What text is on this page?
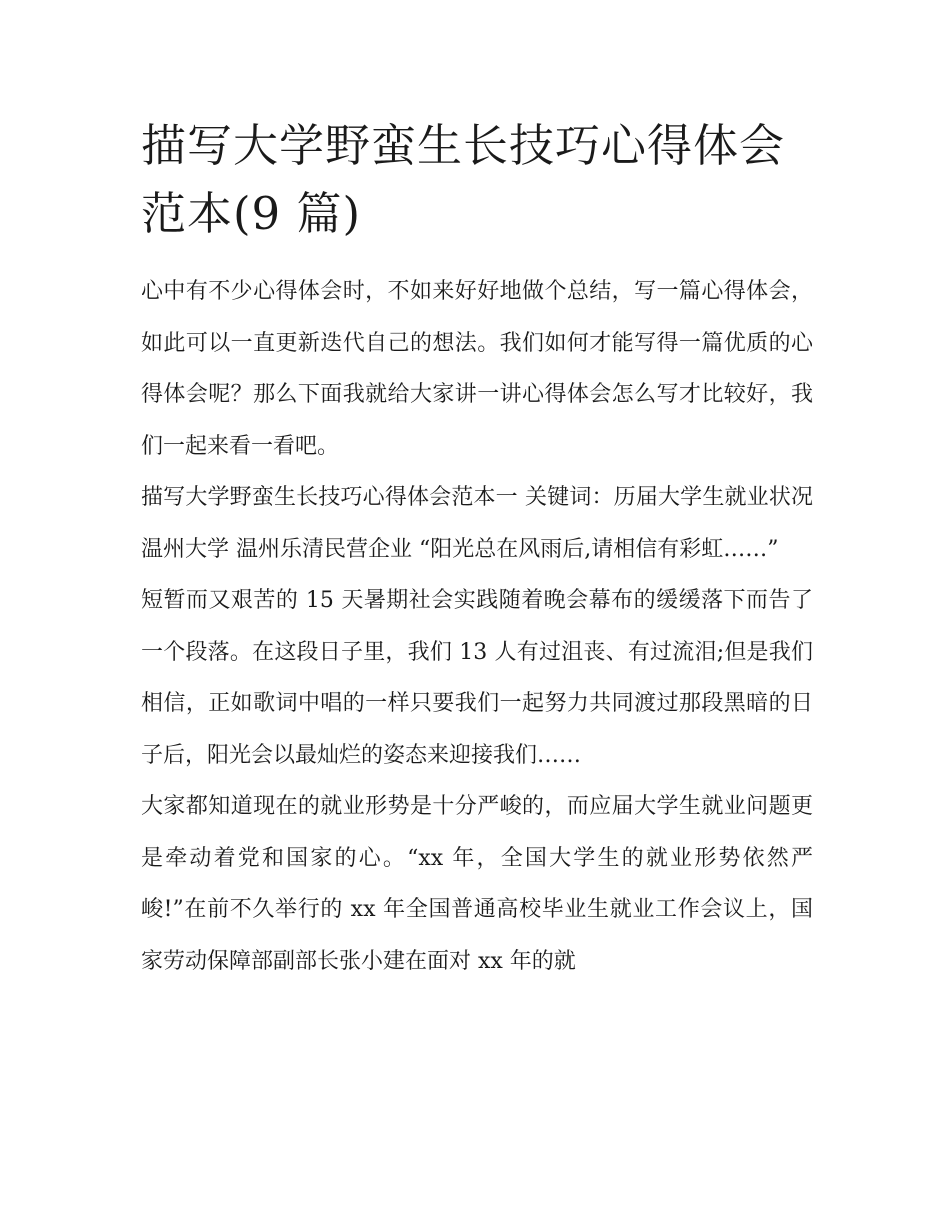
描写大学野蛮生长技巧心得体会范本(9 篇)

心中有不少心得体会时，不如来好好地做个总结，写一篇心得体会，如此可以一直更新迭代自己的想法。我们如何才能写得一篇优质的心得体会呢？那么下面我就给大家讲一讲心得体会怎么写才比较好，我们一起来看一看吧。

描写大学野蛮生长技巧心得体会范本一 关键词：历届大学生就业状况 温州大学 温州乐清民营企业 “阳光总在风雨后,请相信有彩虹……”

短暂而又艰苦的 15 天暑期社会实践随着晚会幕布的缓缓落下而告了一个段落。在这段日子里，我们 13 人有过沮丧、有过流泪;但是我们相信，正如歌词中唱的一样只要我们一起努力共同渡过那段黑暗的日子后，阳光会以最灿烂的姿态来迎接我们……

大家都知道现在的就业形势是十分严峻的，而应届大学生就业问题更是牵动着党和国家的心。“xx 年，全国大学生的就业形势依然严峻!”在前不久举行的 xx 年全国普通高校毕业生就业工作会议上，国家劳动保障部副部长张小建在面对 xx 年的就
